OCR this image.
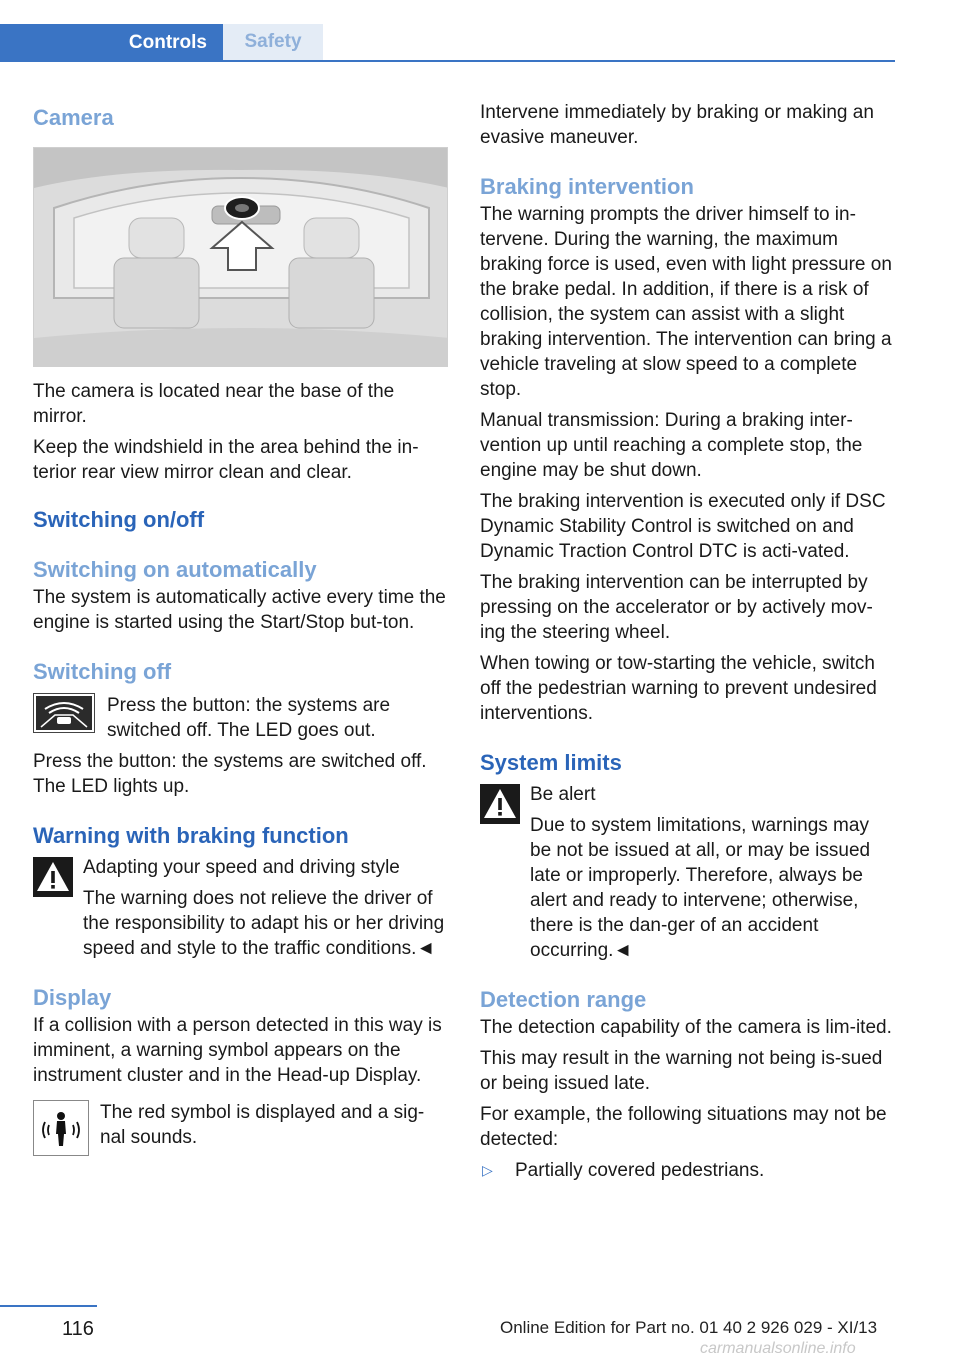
Controls	Safety
Camera

The camera is located near the base of the mirror.

Keep the windshield in the area behind the in‐terior rear view mirror clean and clear.

Switching on/off
Switching on automatically

The system is automatically active every time the engine is started using the Start/Stop but‐ton.

Switching off

Press the button: the systems are switched off. The LED goes out.

Press the button: the systems are switched off. The LED lights up.

Warning with braking function

Adapting your speed and driving style

The warning does not relieve the driver of the responsibility to adapt his or her driving speed and style to the traffic conditions.◄

Display

If a collision with a person detected in this way is imminent, a warning symbol appears on the instrument cluster and in the Head-up Display.

The red symbol is displayed and a sig‐nal sounds.

Intervene immediately by braking or making an evasive maneuver.

Braking intervention

The warning prompts the driver himself to in‐tervene. During the warning, the maximum braking force is used, even with light pressure on the brake pedal. In addition, if there is a risk of collision, the system can assist with a slight braking intervention. The intervention can bring a vehicle traveling at slow speed to a complete stop.

Manual transmission: During a braking inter‐vention up until reaching a complete stop, the engine may be shut down.

The braking intervention is executed only if DSC Dynamic Stability Control is switched on and Dynamic Traction Control DTC is acti‐vated.

The braking intervention can be interrupted by pressing on the accelerator or by actively mov‐ing the steering wheel.

When towing or tow-starting the vehicle, switch off the pedestrian warning to prevent undesired interventions.

System limits

Be alert

Due to system limitations, warnings may be not be issued at all, or may be issued late or improperly. Therefore, always be alert and ready to intervene; otherwise, there is the dan‐ger of an accident occurring.◄

Detection range

The detection capability of the camera is lim‐ited.

This may result in the warning not being is‐sued or being issued late.

For example, the following situations may not be detected:

▷	Partially covered pedestrians.
116	Online Edition for Part no. 01 40 2 926 029 - XI/13
carmanualsonline.info
